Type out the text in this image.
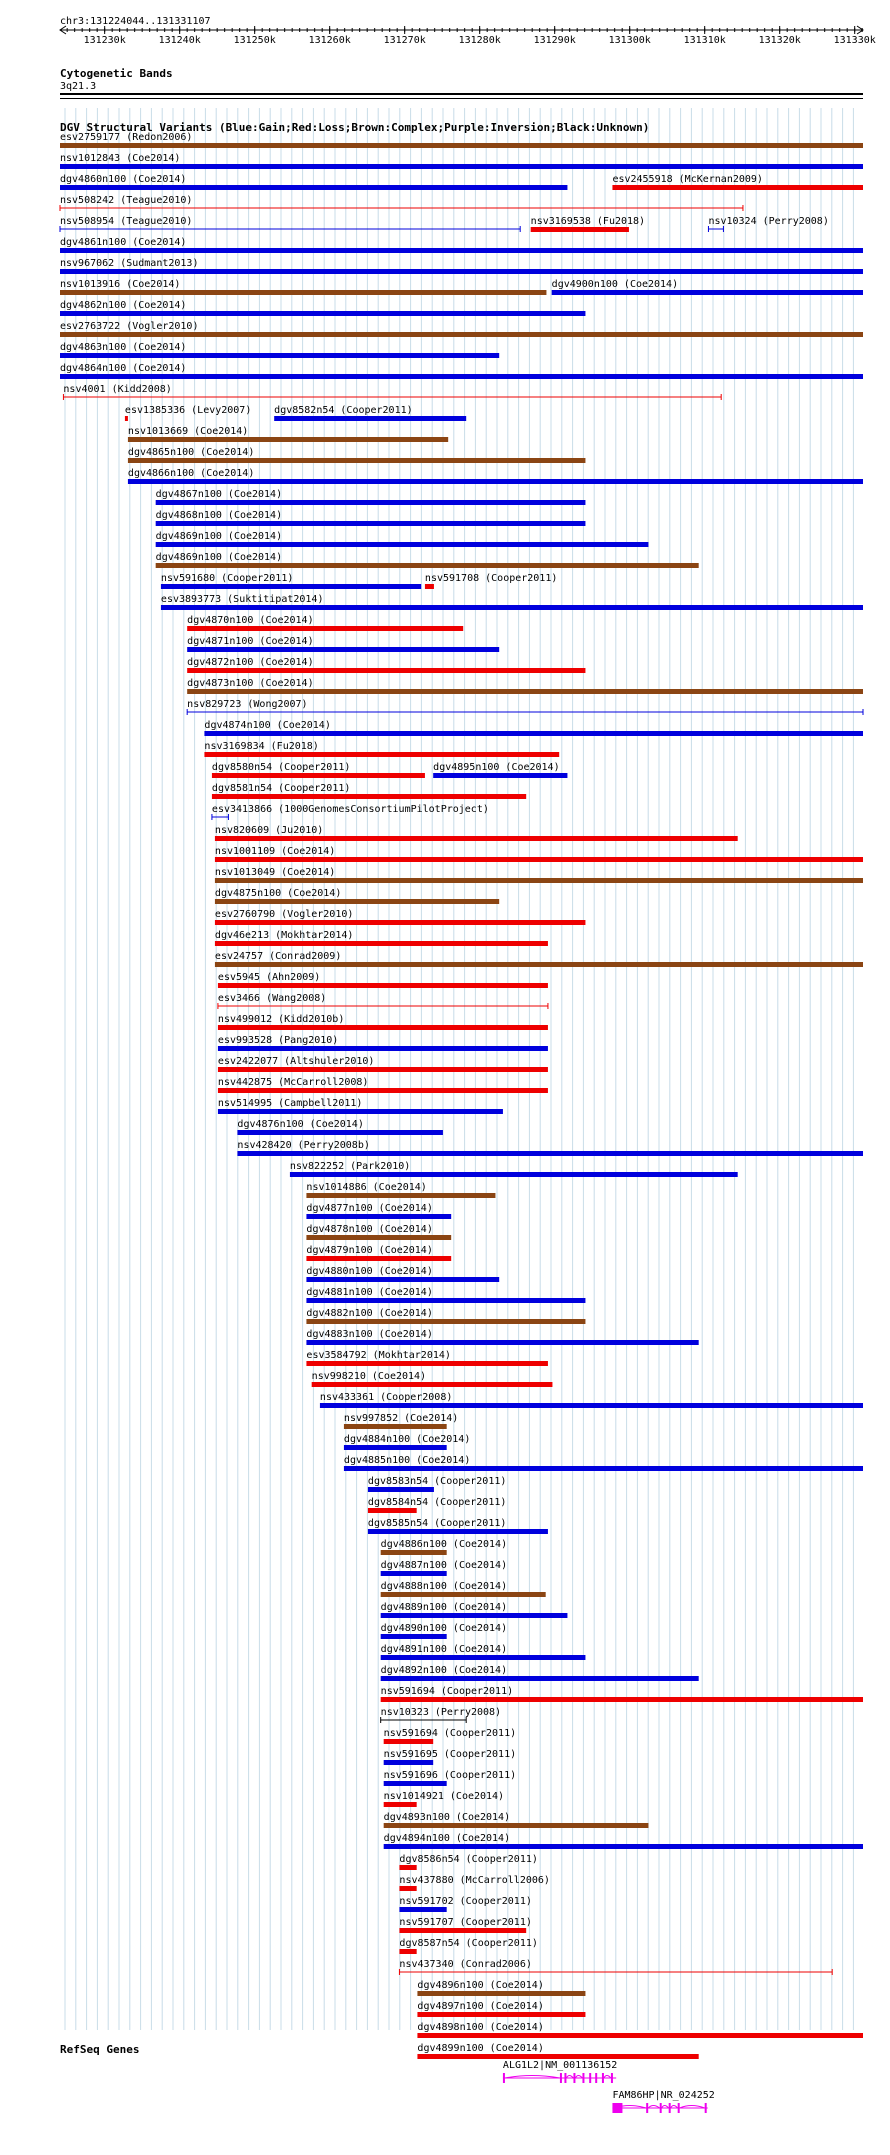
chr3:131224044..131331107
131230k	131240k	131250k	131260k	131270k	131280k	131290k	131300k	131310k	131320k	131330k
Cytogenetic Bands
3q21.3
DGV Structural Variants (Blue:Gain;Red:Loss;Brown:Complex;Purple:Inversion;Black:Unknown)
esv2759177 (Redon2006)
nsv1012843 (Coe2014)
dgv4860n100 (Coe2014)	esv2455918 (McKernan2009)
nsv508242 (Teague2010)
nsv508954 (Teague2010)	nsv3169538 (Fu2018)	nsv10324 (Perry2008)
dgv4861n100 (Coe2014)
nsv967062 (Sudmant2013)
nsv1013916 (Coe2014)	dgv4900n100 (Coe2014)
dgv4862n100 (Coe2014)
esv2763722 (Vogler2010)
dgv4863n100 (Coe2014)
dgv4864n100 (Coe2014)
nsv4001 (Kidd2008)
esv1385336 (Levy2007) dgv8582n54 (Cooper2011)
nsv1013669 (Coe2014)
dgv4865n100 (Coe2014)
dgv4866n100 (Coe2014)
dgv4867n100 (Coe2014)
dgv4868n100 (Coe2014)
dgv4869n100 (Coe2014)
dgv4869n100 (Coe2014)
nsv591680 (Cooper2011)	nsv591708 (Cooper2011)
esv3893773 (Suktitipat2014)
dgv4870n100 (Coe2014)
dgv4871n100 (Coe2014)
dgv4872n100 (Coe2014)
dgv4873n100 (Coe2014)
nsv829723 (Wong2007)
dgv4874n100 (Coe2014)
nsv3169834 (Fu2018)
dgv8580n54 (Cooper2011)	dgv4895n100 (Coe2014)
dgv8581n54 (Cooper2011)
esv3413866 (1000GenomesConsortiumPilotProject)
nsv820609 (Ju2010)
nsv1001109 (Coe2014)
nsv1013049 (Coe2014)
dgv4875n100 (Coe2014)
esv2760790 (Vogler2010)
dgv46e213 (Mokhtar2014)
esv24757 (Conrad2009)
esv5945 (Ahn2009)
esv3466 (Wang2008)
nsv499012 (Kidd2010b)
esv993528 (Pang2010)
esv2422077 (Altshuler2010)
nsv442875 (McCarroll2008)
nsv514995 (Campbell2011)
dgv4876n100 (Coe2014)
nsv428420 (Perry2008b)
nsv822252 (Park2010)
nsv1014886 (Coe2014)
dgv4877n100 (Coe2014)
dgv4878n100 (Coe2014)
dgv4879n100 (Coe2014)
dgv4880n100 (Coe2014)
dgv4881n100 (Coe2014)
dgv4882n100 (Coe2014)
dgv4883n100 (Coe2014)
esv3584792 (Mokhtar2014)
nsv998210 (Coe2014)
nsv433361 (Cooper2008)
nsv997852 (Coe2014)
dgv4884n100 (Coe2014)
dgv4885n100 (Coe2014)
dgv8583n54 (Cooper2011)
dgv8584n54 (Cooper2011)
dgv8585n54 (Cooper2011)
dgv4886n100 (Coe2014)
dgv4887n100 (Coe2014)
dgv4888n100 (Coe2014)
dgv4889n100 (Coe2014)
dgv4890n100 (Coe2014)
dgv4891n100 (Coe2014)
dgv4892n100 (Coe2014)
nsv591694 (Cooper2011)
nsv10323 (Perry2008)
nsv591694 (Cooper2011)
nsv591695 (Cooper2011)
nsv591696 (Cooper2011)
nsv1014921 (Coe2014)
dgv4893n100 (Coe2014)
dgv4894n100 (Coe2014)
dgv8586n54 (Cooper2011)
nsv437880 (McCarroll2006)
nsv591702 (Cooper2011)
nsv591707 (Cooper2011)
dgv8587n54 (Cooper2011)
nsv437340 (Conrad2006)
dgv4896n100 (Coe2014)
dgv4897n100 (Coe2014)
dgv4898n100 (Coe2014)
dgv4899n100 (Coe2014)
RefSeq Genes
ALG1L2|NM_001136152
FAM86HP|NR_024252
